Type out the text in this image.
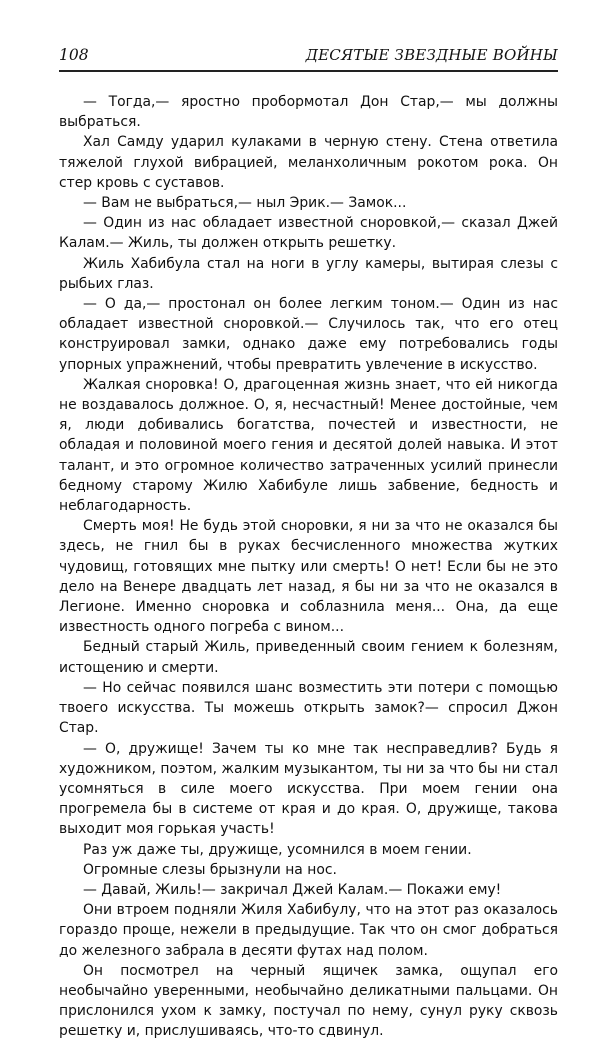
108	ДЕСЯТЫЕ ЗВЕЗДНЫЕ ВОЙНЫ

— Тогда,— яростно пробормотал Дон Стар,— мы должны выбраться.

Хал Самду ударил кулаками в черную стену. Стена ответила тяжелой глухой вибрацией, меланхоличным рокотом рока. Он стер кровь с суставов.

— Вам не выбраться,— ныл Эрик.— Замок...

— Один из нас обладает известной сноровкой,— сказал Джей Калам.— Жиль, ты должен открыть решетку.

Жиль Хабибула стал на ноги в углу камеры, вытирая слезы с рыбьих глаз.

— О да,— простонал он более легким тоном.— Один из нас обладает известной сноровкой.— Случилось так, что его отец конструировал замки, однако даже ему потребовались годы упорных упражнений, чтобы превратить увлечение в искусство.

Жалкая сноровка! О, драгоценная жизнь знает, что ей никогда не воздавалось должное. О, я, несчастный! Менее достойные, чем я, люди добивались богатства, почестей и известности, не обладая и половиной моего гения и десятой долей навыка. И этот талант, и это огромное количество затраченных усилий принесли бедному старому Жилю Хабибуле лишь забвение, бедность и неблагодарность.

Смерть моя! Не будь этой сноровки, я ни за что не оказался бы здесь, не гнил бы в руках бесчисленного множества жутких чудовищ, готовящих мне пытку или смерть! О нет! Если бы не это дело на Венере двадцать лет назад, я бы ни за что не оказался в Легионе. Именно сноровка и соблазнила меня... Она, да еще известность одного погреба с вином...

Бедный старый Жиль, приведенный своим гением к болезням, истощению и смерти.

— Но сейчас появился шанс возместить эти потери с помощью твоего искусства. Ты можешь открыть замок?— спросил Джон Стар.

— О, дружище! Зачем ты ко мне так несправедлив? Будь я художником, поэтом, жалким музыкантом, ты ни за что бы ни стал усомняться в силе моего искусства. При моем гении она прогремела бы в системе от края и до края. О, дружище, такова выходит моя горькая участь!

Раз уж даже ты, дружище, усомнился в моем гении.

Огромные слезы брызнули на нос.

— Давай, Жиль!— закричал Джей Калам.— Покажи ему!

Они втроем подняли Жиля Хабибулу, что на этот раз оказалось гораздо проще, нежели в предыдущие. Так что он смог добраться до железного забрала в десяти футах над полом.

Он посмотрел на черный ящичек замка, ощупал его необычайно уверенными, необычайно деликатными пальцами. Он прислонился ухом к замку, постучал по нему, сунул руку сквозь решетку и, прислушиваясь, что-то сдвинул.
